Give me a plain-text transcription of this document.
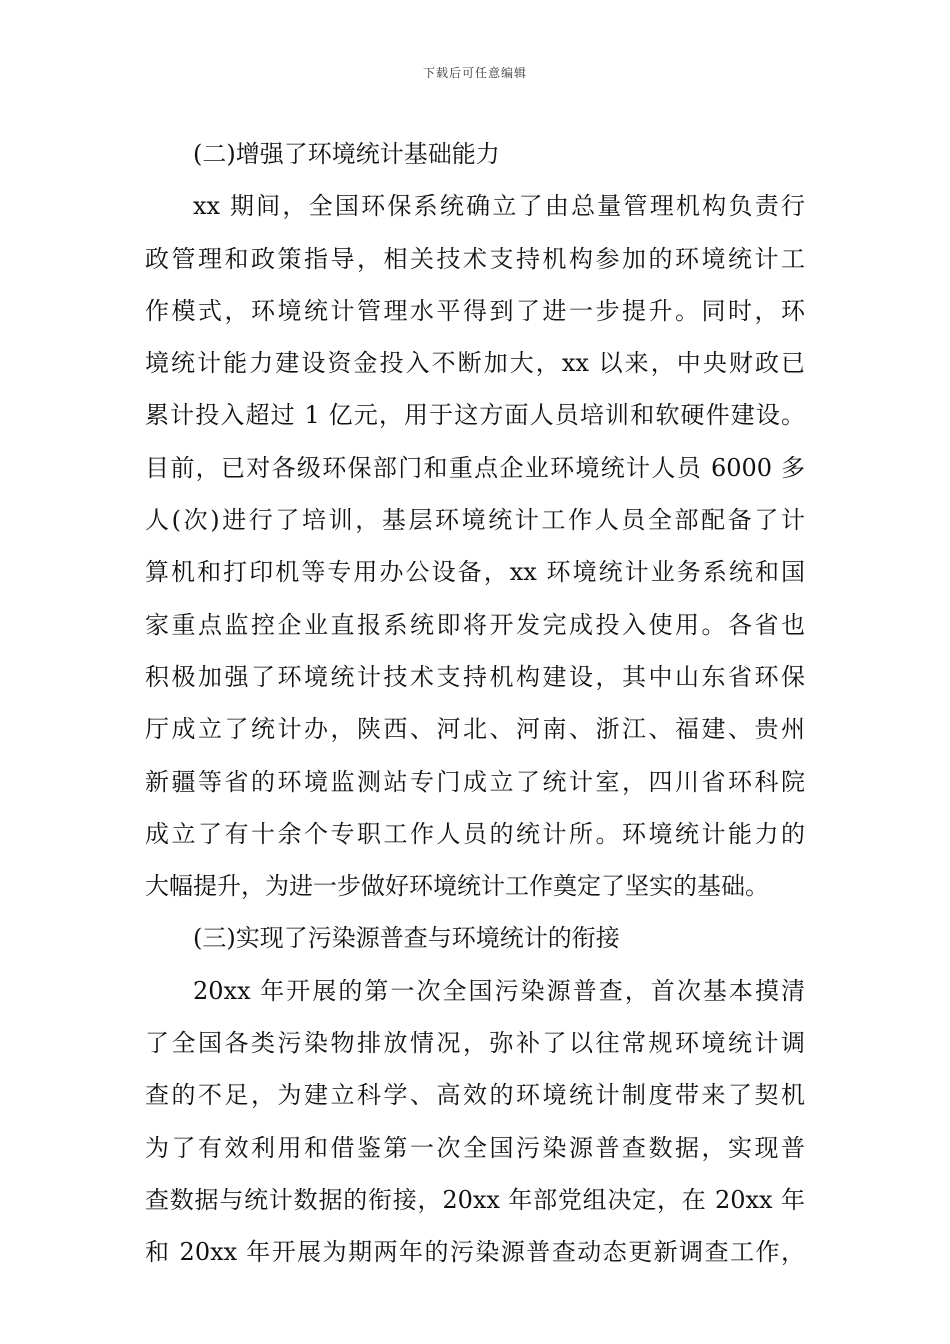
下载后可任意编辑
(二)增强了环境统计基础能力
xx 期间，全国环保系统确立了由总量管理机构负责行
政管理和政策指导，相关技术支持机构参加的环境统计工
作模式，环境统计管理水平得到了进一步提升。同时，环
境统计能力建设资金投入不断加大，xx 以来，中央财政已
累计投入超过 1 亿元，用于这方面人员培训和软硬件建设。
目前，已对各级环保部门和重点企业环境统计人员 6000 多
人(次)进行了培训，基层环境统计工作人员全部配备了计
算机和打印机等专用办公设备，xx 环境统计业务系统和国
家重点监控企业直报系统即将开发完成投入使用。各省也
积极加强了环境统计技术支持机构建设，其中山东省环保
厅成立了统计办，陕西、河北、河南、浙江、福建、贵州
新疆等省的环境监测站专门成立了统计室，四川省环科院
成立了有十余个专职工作人员的统计所。环境统计能力的
大幅提升，为进一步做好环境统计工作奠定了坚实的基础。
(三)实现了污染源普查与环境统计的衔接
20xx 年开展的第一次全国污染源普查，首次基本摸清
了全国各类污染物排放情况，弥补了以往常规环境统计调
查的不足，为建立科学、高效的环境统计制度带来了契机
为了有效利用和借鉴第一次全国污染源普查数据，实现普
查数据与统计数据的衔接，20xx 年部党组决定，在 20xx 年
和 20xx 年开展为期两年的污染源普查动态更新调查工作，
